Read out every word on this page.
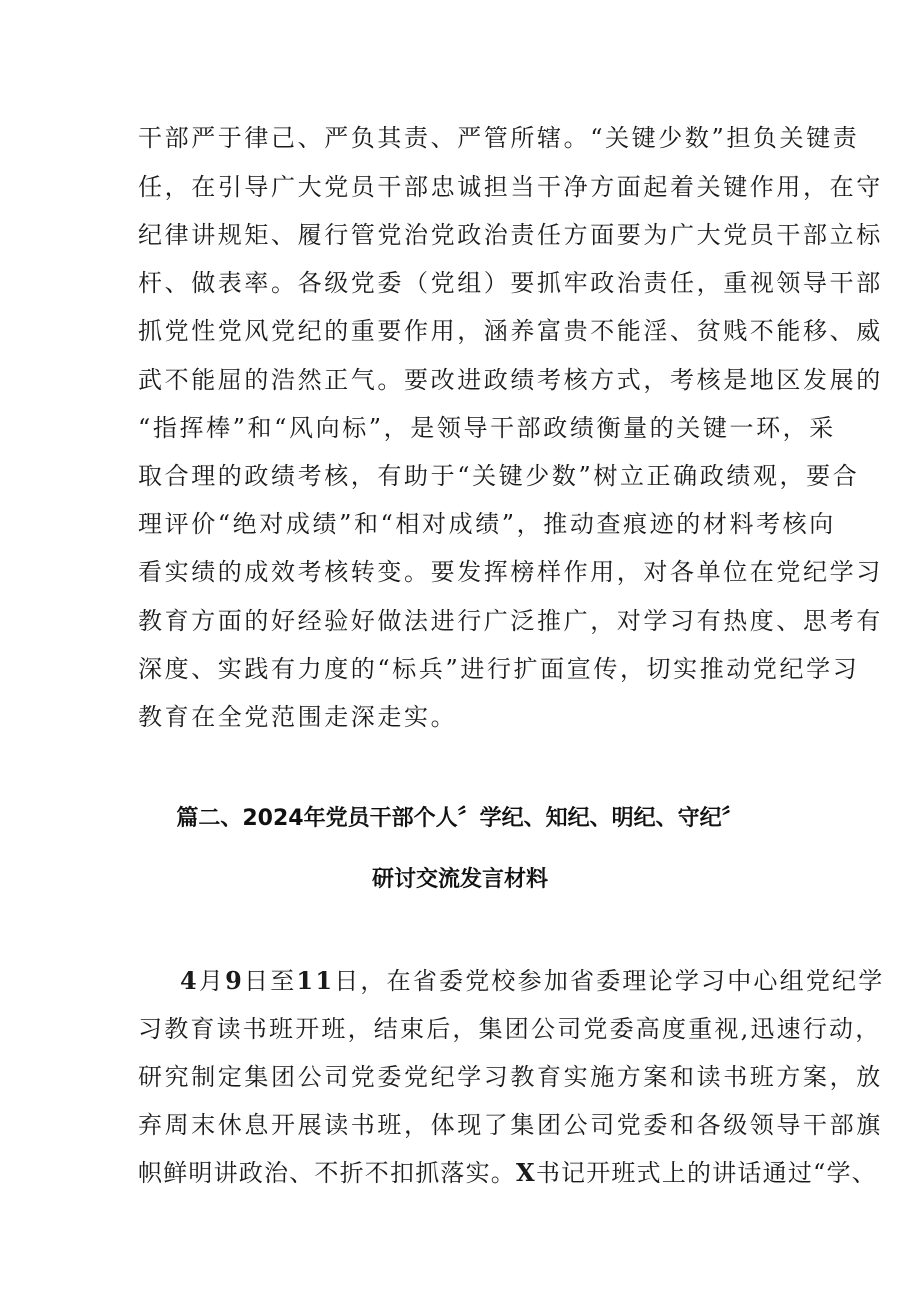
干部严于律己、严负其责、严管所辖。“关键少数”担负关键责
任，在引导广大党员干部忠诚担当干净方面起着关键作用，在守
纪律讲规矩、履行管党治党政治责任方面要为广大党员干部立标
杆、做表率。各级党委（党组）要抓牢政治责任，重视领导干部
抓党性党风党纪的重要作用，涵养富贵不能淫、贫贱不能移、威
武不能屈的浩然正气。要改进政绩考核方式，考核是地区发展的
“指挥棒”和“风向标”，是领导干部政绩衡量的关键一环，采
取合理的政绩考核，有助于“关键少数”树立正确政绩观，要合
理评价“绝对成绩”和“相对成绩”，推动查痕迹的材料考核向
看实绩的成效考核转变。要发挥榜样作用，对各单位在党纪学习
教育方面的好经验好做法进行广泛推广，对学习有热度、思考有
深度、实践有力度的“标兵”进行扩面宣传，切实推动党纪学习
教育在全党范围走深走实。
篇二、2024年党员干部个人〞学纪、知纪、明纪、守纪〞
研讨交流发言材料
4月9日至11日，在省委党校参加省委理论学习中心组党纪学
习教育读书班开班，结束后，集团公司党委高度重视,迅速行动，
研究制定集团公司党委党纪学习教育实施方案和读书班方案，放
弃周末休息开展读书班，体现了集团公司党委和各级领导干部旗
帜鲜明讲政治、不折不扣抓落实。X书记开班式上的讲话通过“学、
